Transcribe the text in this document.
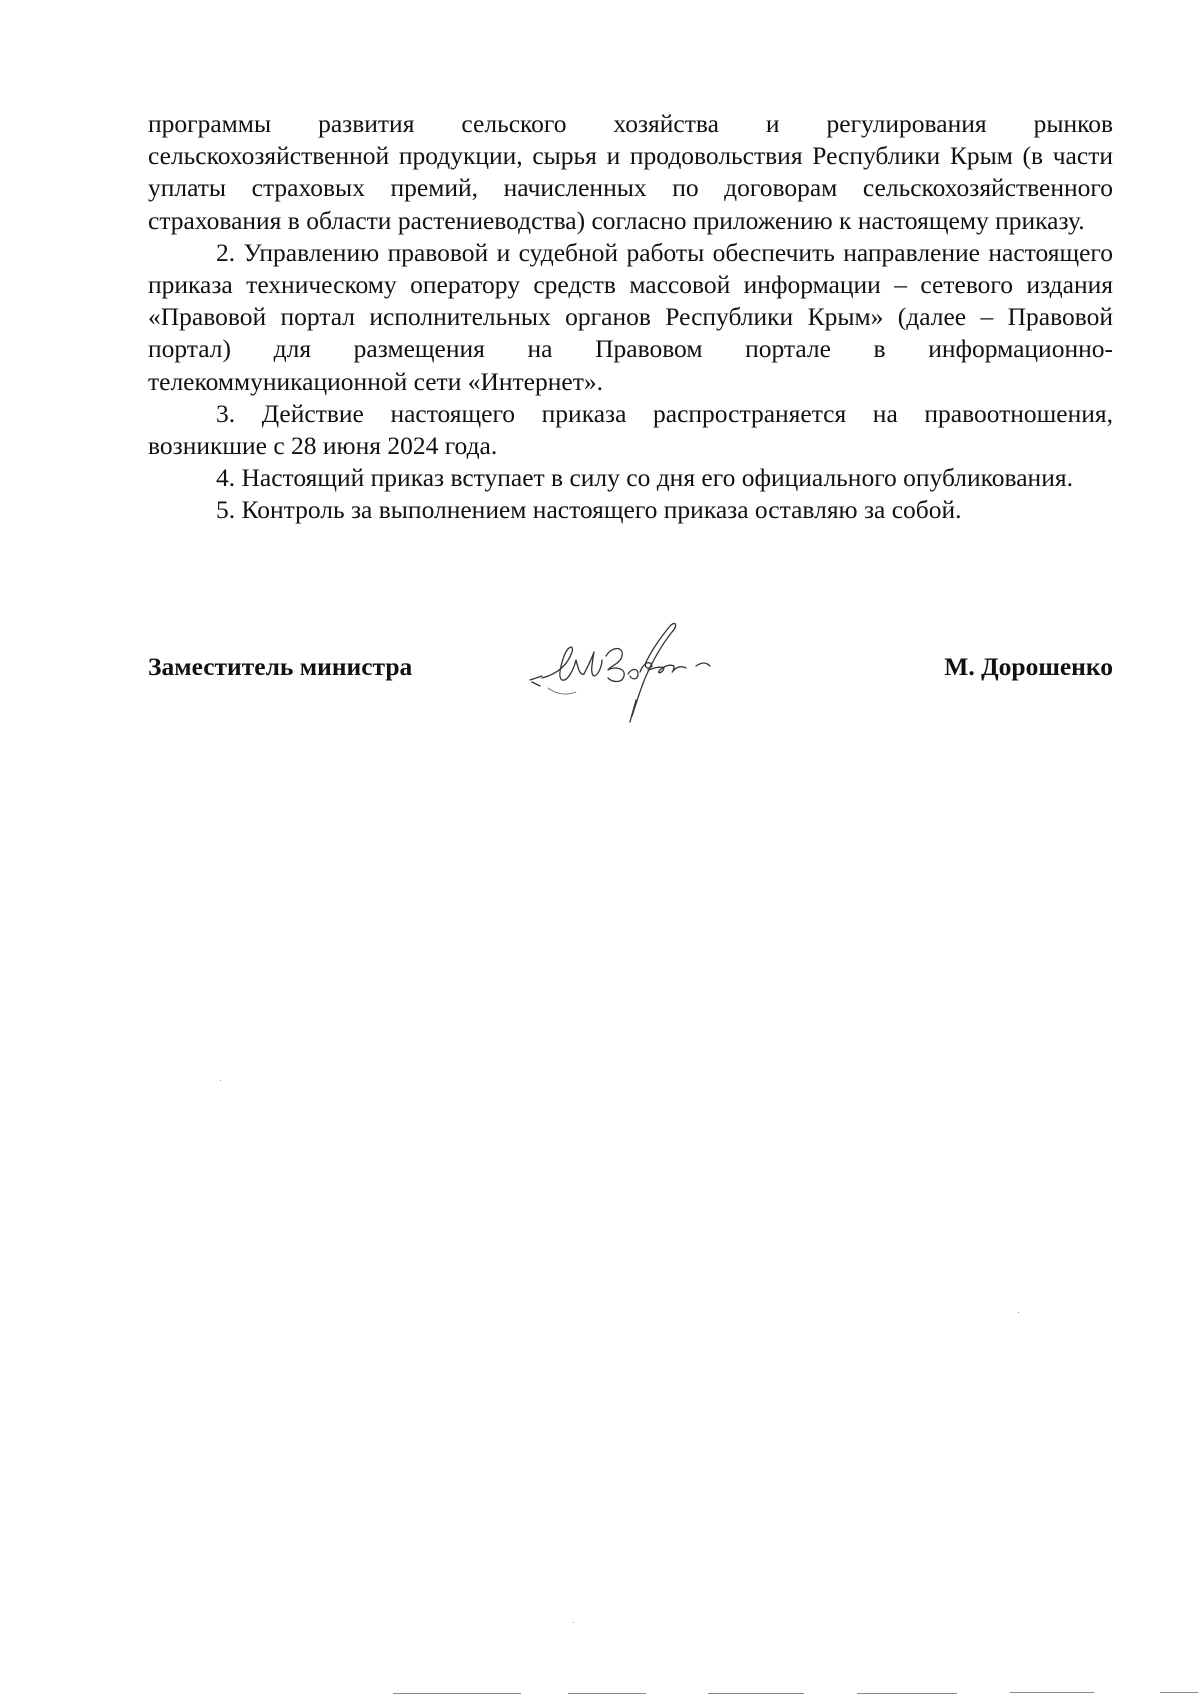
программы развития сельского хозяйства и регулирования рынков сельскохозяйственной продукции, сырья и продовольствия Республики Крым (в части уплаты страховых премий, начисленных по договорам сельскохозяйственного страхования в области растениеводства) согласно приложению к настоящему приказу.

2. Управлению правовой и судебной работы обеспечить направление настоящего приказа техническому оператору средств массовой информации – сетевого издания «Правовой портал исполнительных органов Республики Крым» (далее – Правовой портал) для размещения на Правовом портале в информационно-телекоммуникационной сети «Интернет».

3. Действие настоящего приказа распространяется на правоотношения, возникшие с 28 июня 2024 года.

4. Настоящий приказ вступает в силу со дня его официального опубликования.

5. Контроль за выполнением настоящего приказа оставляю за собой.

Заместитель министра	М. Дорошенко
